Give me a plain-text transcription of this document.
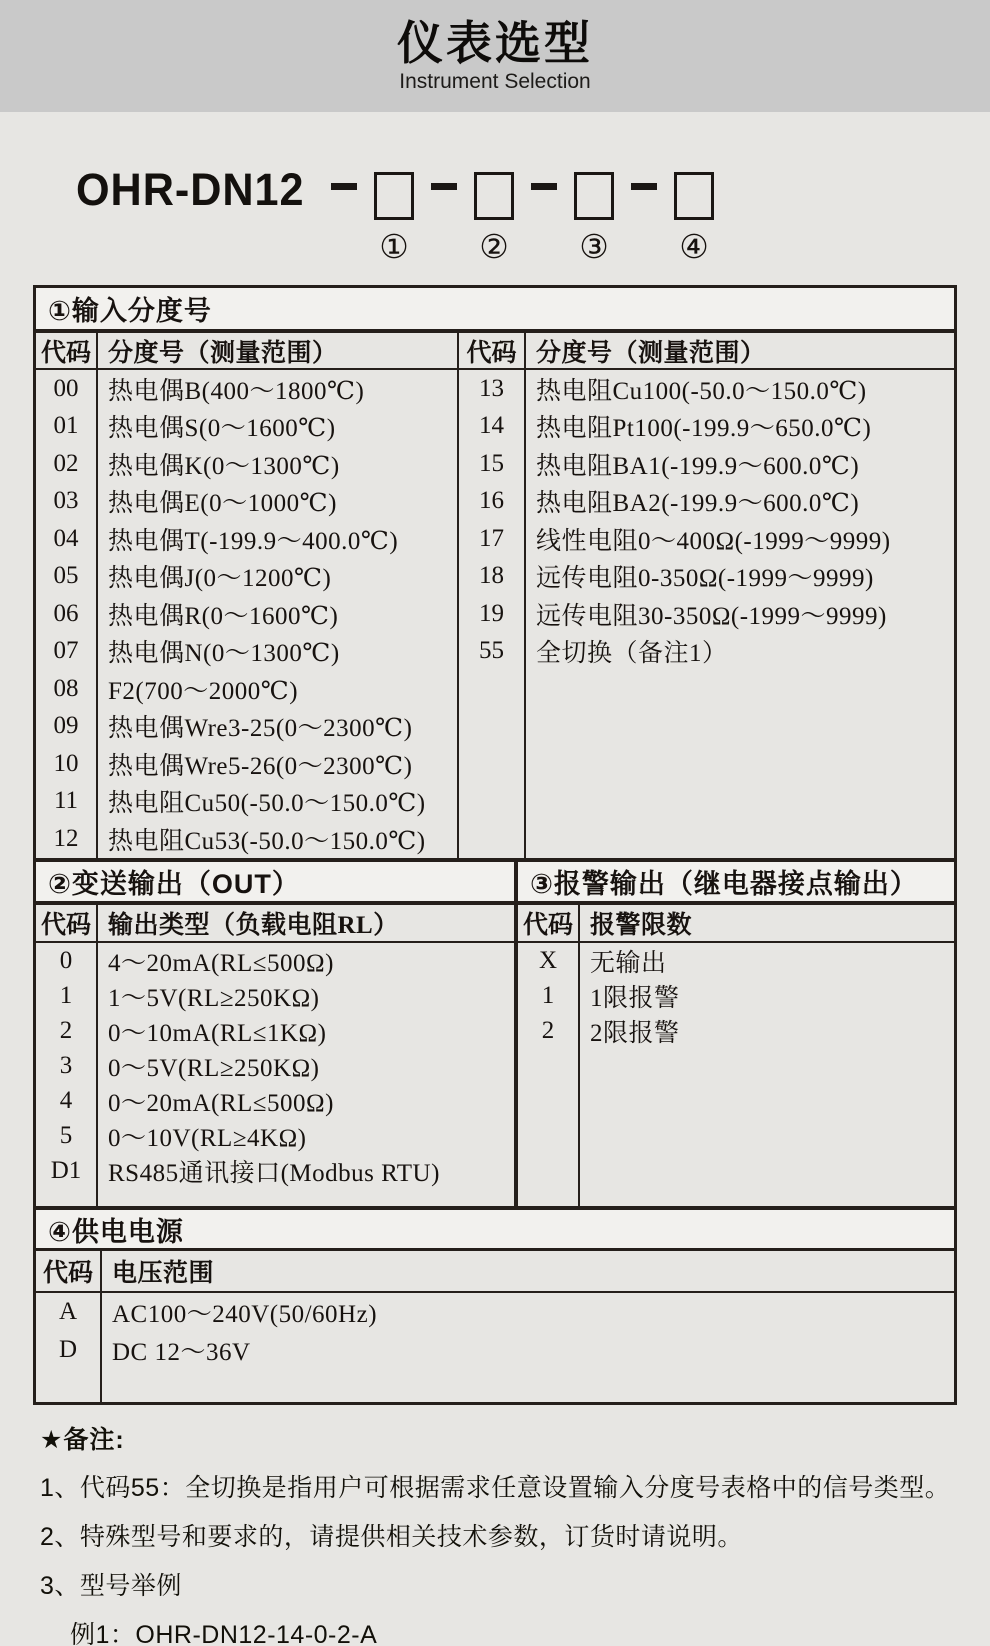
仪表选型
Instrument Selection
OHR-DN12
① ② ③ ④
①输入分度号
代码 分度号（测量范围）
00	热电偶B(400～1800℃)
01	热电偶S(0～1600℃)
02	热电偶K(0～1300℃)
03	热电偶E(0～1000℃)
04	热电偶T(-199.9～400.0℃)
05	热电偶J(0～1200℃)
06	热电偶R(0～1600℃)
07	热电偶N(0～1300℃)
08	F2(700～2000℃)
09	热电偶Wre3-25(0～2300℃)
10	热电偶Wre5-26(0～2300℃)
11	热电阻Cu50(-50.0～150.0℃)
12	热电阻Cu53(-50.0～150.0℃)
代码 分度号（测量范围）
13	热电阻Cu100(-50.0～150.0℃)
14	热电阻Pt100(-199.9～650.0℃)
15	热电阻BA1(-199.9～600.0℃)
16	热电阻BA2(-199.9～600.0℃)
17	线性电阻0～400Ω(-1999～9999)
18	远传电阻0-350Ω(-1999～9999)
19	远传电阻30-350Ω(-1999～9999)
55	全切换（备注1）
②变送输出（OUT）
代码 输出类型（负载电阻RL）
0	4～20mA(RL≤500Ω)
1	1～5V(RL≥250KΩ)
2	0～10mA(RL≤1KΩ)
3	0～5V(RL≥250KΩ)
4	0～20mA(RL≤500Ω)
5	0～10V(RL≥4KΩ)
D1	RS485通讯接口(Modbus RTU)
③报警输出（继电器接点输出）
代码 报警限数
X	无输出
1	1限报警
2	2限报警
④供电电源
代码 电压范围
A	AC100～240V(50/60Hz)
D	DC 12～36V
★备注:
1、代码55：全切换是指用户可根据需求任意设置输入分度号表格中的信号类型。
2、特殊型号和要求的，请提供相关技术参数，订货时请说明。
3、型号举例
例1：OHR-DN12-14-0-2-A
